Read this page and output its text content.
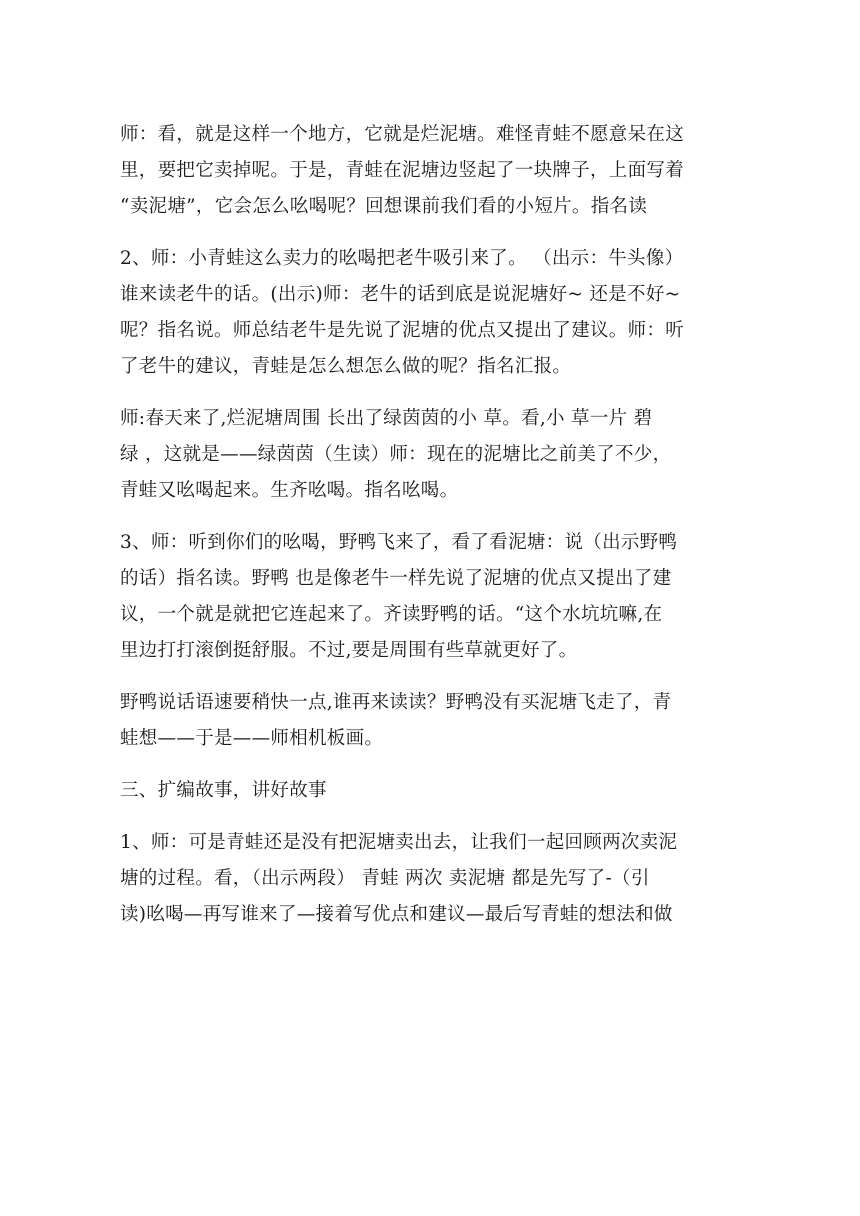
师：看，就是这样一个地方，它就是烂泥塘。难怪青蛙不愿意呆在这
里，要把它卖掉呢。于是，青蛙在泥塘边竖起了一块牌子，上面写着
“卖泥塘”，它会怎么吆喝呢？回想课前我们看的小短片。指名读

2、师：小青蛙这么卖力的吆喝把老牛吸引来了。 （出示：牛头像）
谁来读老牛的话。(出示)师：老牛的话到底是说泥塘好~ 还是不好~
呢？指名说。师总结老牛是先说了泥塘的优点又提出了建议。师：听
了老牛的建议，青蛙是怎么想怎么做的呢？指名汇报。

师:春天来了,烂泥塘周围 长出了绿茵茵的小 草。看,小 草一片 碧
绿 ，这就是——绿茵茵（生读）师：现在的泥塘比之前美了不少，
青蛙又吆喝起来。生齐吆喝。指名吆喝。

3、师：听到你们的吆喝，野鸭飞来了，看了看泥塘：说（出示野鸭
的话）指名读。野鸭 也是像老牛一样先说了泥塘的优点又提出了建
议，一个就是就把它连起来了。齐读野鸭的话。“这个水坑坑嘛,在
里边打打滚倒挺舒服。不过,要是周围有些草就更好了。

野鸭说话语速要稍快一点,谁再来读读？野鸭没有买泥塘飞走了，青
蛙想——于是——师相机板画。

三、扩编故事，讲好故事

1、师：可是青蛙还是没有把泥塘卖出去，让我们一起回顾两次卖泥
塘的过程。看，（出示两段） 青蛙 两次 卖泥塘 都是先写了-（引
读)吆喝—再写谁来了—接着写优点和建议—最后写青蛙的想法和做
